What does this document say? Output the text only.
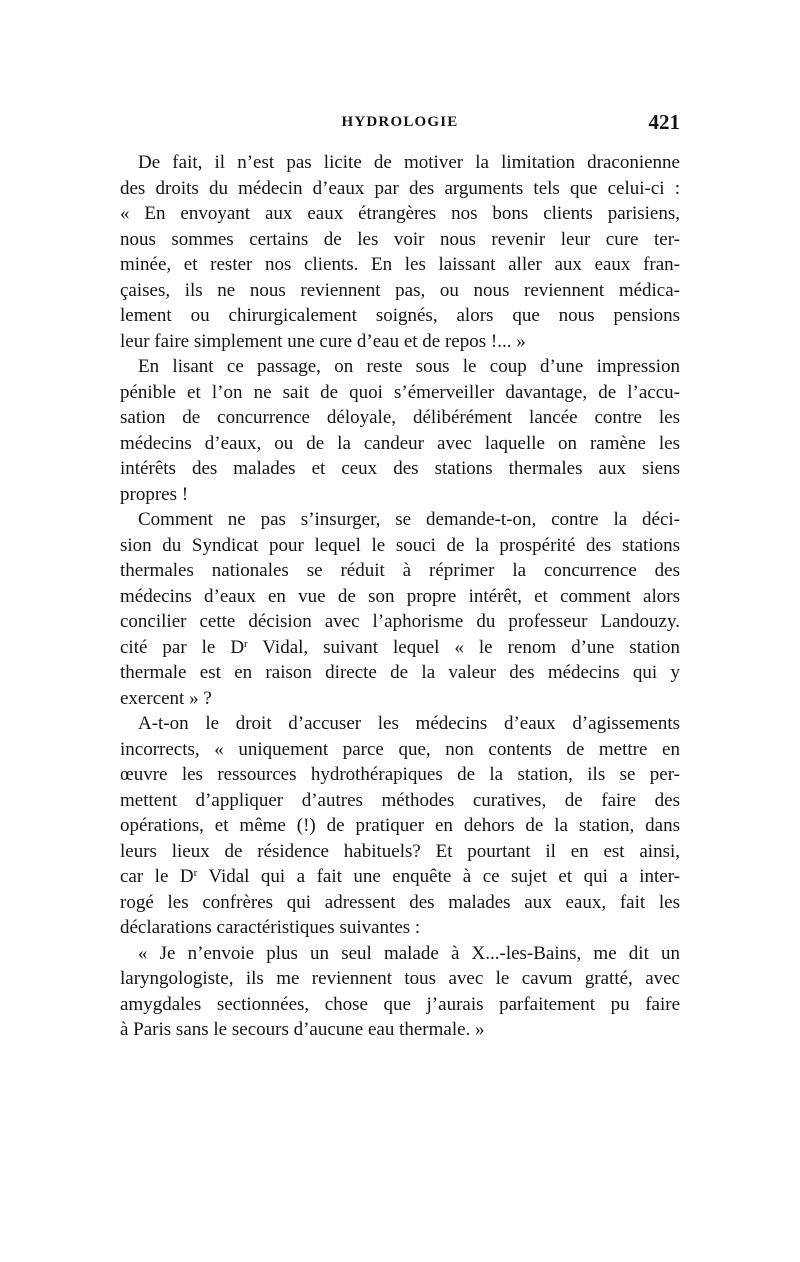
HYDROLOGIE	421
De fait, il n’est pas licite de motiver la limitation draconienne
des droits du médecin d’eaux par des arguments tels que celui-ci :
« En envoyant aux eaux étrangères nos bons clients parisiens,
nous sommes certains de les voir nous revenir leur cure ter-
minée, et rester nos clients. En les laissant aller aux eaux fran-
çaises, ils ne nous reviennent pas, ou nous reviennent médica-
lement ou chirurgicalement soignés, alors que nous pensions
leur faire simplement une cure d’eau et de repos !... »
En lisant ce passage, on reste sous le coup d’une impression
pénible et l’on ne sait de quoi s’émerveiller davantage, de l’accu-
sation de concurrence déloyale, délibérément lancée contre les
médecins d’eaux, ou de la candeur avec laquelle on ramène les
intérêts des malades et ceux des stations thermales aux siens
propres !
Comment ne pas s’insurger, se demande-t-on, contre la déci-
sion du Syndicat pour lequel le souci de la prospérité des stations
thermales nationales se réduit à réprimer la concurrence des
médecins d’eaux en vue de son propre intérêt, et comment alors
concilier cette décision avec l’aphorisme du professeur Landouzy.
cité par le $D^r$ Vidal, suivant lequel « le renom d’une station
thermale est en raison directe de la valeur des médecins qui y
exercent » ?
A-t-on le droit d’accuser les médecins d’eaux d’agissements
incorrects, « uniquement parce que, non contents de mettre en
œuvre les ressources hydrothérapiques de la station, ils se per-
mettent d’appliquer d’autres méthodes curatives, de faire des
opérations, et même (!) de pratiquer en dehors de la station, dans
leurs lieux de résidence habituels? Et pourtant il en est ainsi,
car le $D^r$ Vidal qui a fait une enquête à ce sujet et qui a inter-
rogé les confrères qui adressent des malades aux eaux, fait les
déclarations caractéristiques suivantes :
« Je n’envoie plus un seul malade à X...-les-Bains, me dit un
laryngologiste, ils me reviennent tous avec le cavum gratté, avec
amygdales sectionnées, chose que j’aurais parfaitement pu faire
à Paris sans le secours d’aucune eau thermale. »
